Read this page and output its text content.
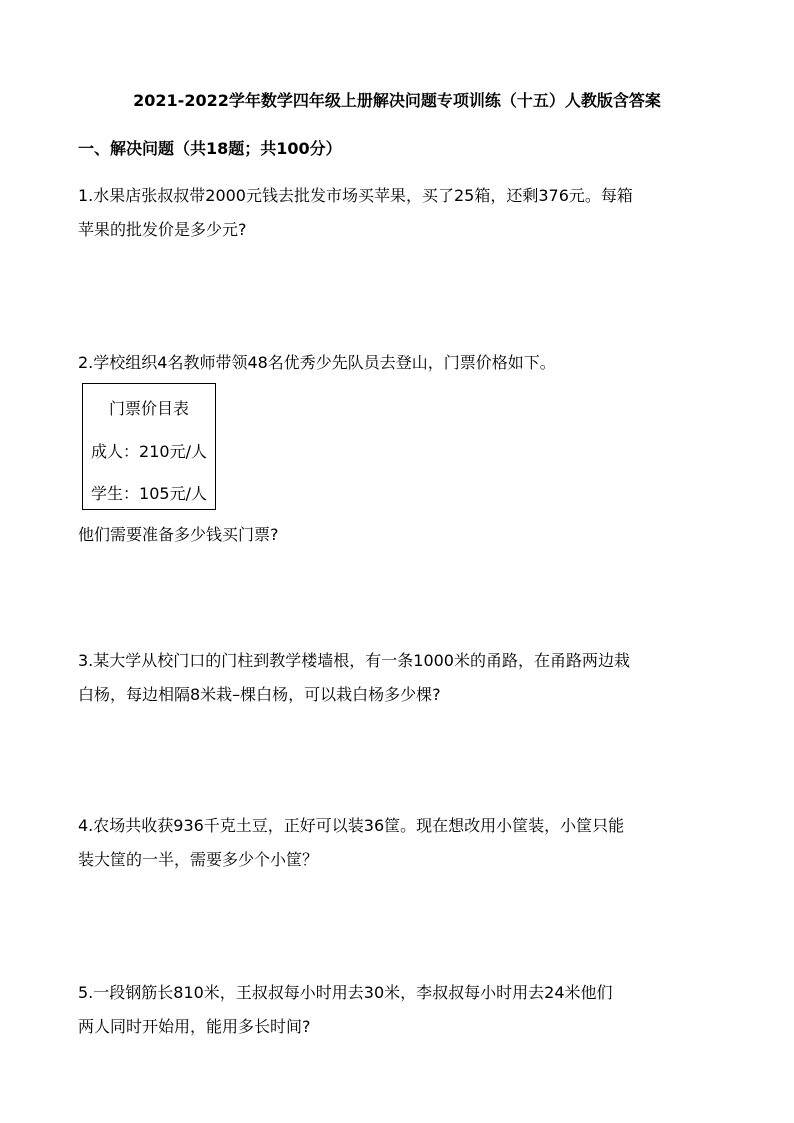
2021-2022学年数学四年级上册解决问题专项训练（十五）人教版含答案
一、解决问题（共18题；共100分）
1.水果店张叔叔带2000元钱去批发市场买苹果，买了25箱，还剩376元。每箱
苹果的批发价是多少元?
2.学校组织4名教师带领48名优秀少先队员去登山，门票价格如下。
门票价目表
成人：210元/人
学生：105元/人
他们需要准备多少钱买门票?
3.某大学从校门口的门柱到教学楼墙根，有一条1000米的甬路，在甬路两边栽
白杨，每边相隔8米栽–棵白杨，可以栽白杨多少棵?
4.农场共收获936千克土豆，正好可以装36筐。现在想改用小筐装，小筐只能
装大筐的一半，需要多少个小筐？
5.一段钢筋长810米，王叔叔每小时用去30米，李叔叔每小时用去24米他们
两人同时开始用，能用多长时间?
